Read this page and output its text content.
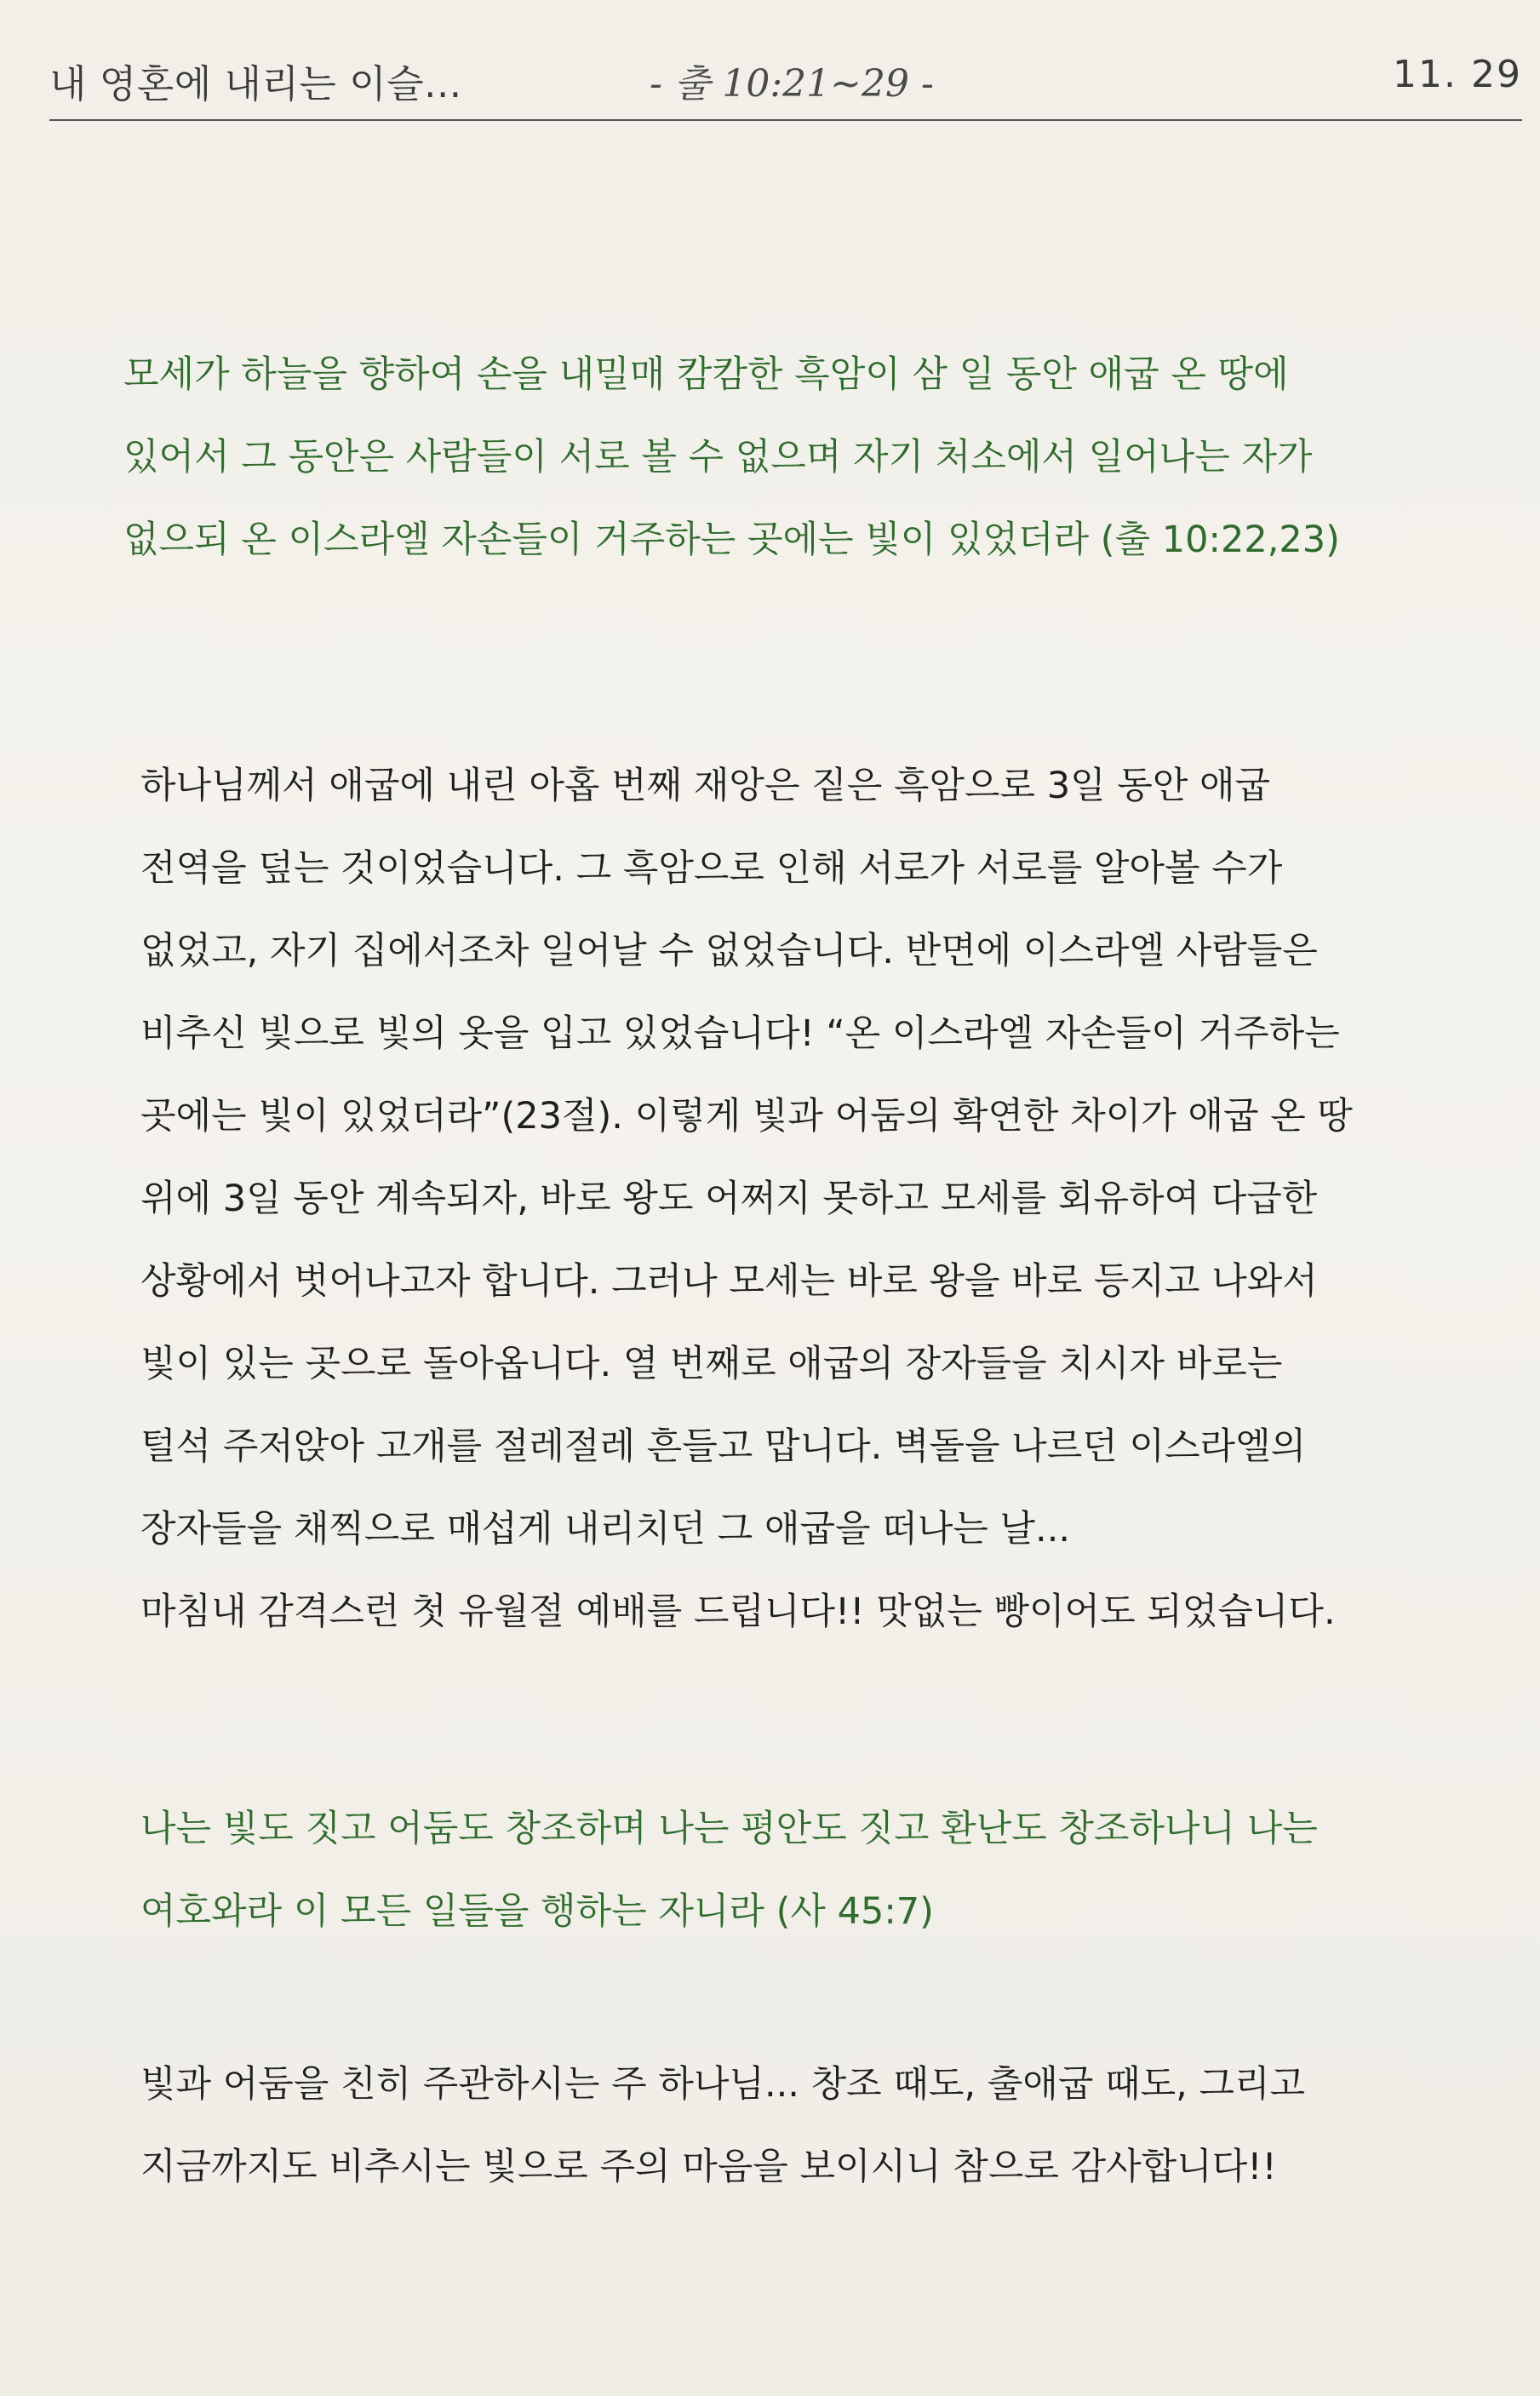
내 영혼에 내리는 이슬...	- 출 10:21~29 -	11. 29
모세가 하늘을 향하여 손을 내밀매 캄캄한 흑암이 삼 일 동안 애굽 온 땅에
있어서 그 동안은 사람들이 서로 볼 수 없으며 자기 처소에서 일어나는 자가
없으되 온 이스라엘 자손들이 거주하는 곳에는 빛이 있었더라 (출 10:22,23)
하나님께서 애굽에 내린 아홉 번째 재앙은 짙은 흑암으로 3일 동안 애굽
전역을 덮는 것이었습니다. 그 흑암으로 인해 서로가 서로를 알아볼 수가
없었고, 자기 집에서조차 일어날 수 없었습니다. 반면에 이스라엘 사람들은
비추신 빛으로 빛의 옷을 입고 있었습니다! “온 이스라엘 자손들이 거주하는
곳에는 빛이 있었더라”(23절). 이렇게 빛과 어둠의 확연한 차이가 애굽 온 땅
위에 3일 동안 계속되자, 바로 왕도 어쩌지 못하고 모세를 회유하여 다급한
상황에서 벗어나고자 합니다. 그러나 모세는 바로 왕을 바로 등지고 나와서
빛이 있는 곳으로 돌아옵니다. 열 번째로 애굽의 장자들을 치시자 바로는
털석 주저앉아 고개를 절레절레 흔들고 맙니다. 벽돌을 나르던 이스라엘의
장자들을 채찍으로 매섭게 내리치던 그 애굽을 떠나는 날...
마침내 감격스런 첫 유월절 예배를 드립니다!! 맛없는 빵이어도 되었습니다.
나는 빛도 짓고 어둠도 창조하며 나는 평안도 짓고 환난도 창조하나니 나는
여호와라 이 모든 일들을 행하는 자니라 (사 45:7)
빛과 어둠을 친히 주관하시는 주 하나님... 창조 때도, 출애굽 때도, 그리고
지금까지도 비추시는 빛으로 주의 마음을 보이시니 참으로 감사합니다!!
